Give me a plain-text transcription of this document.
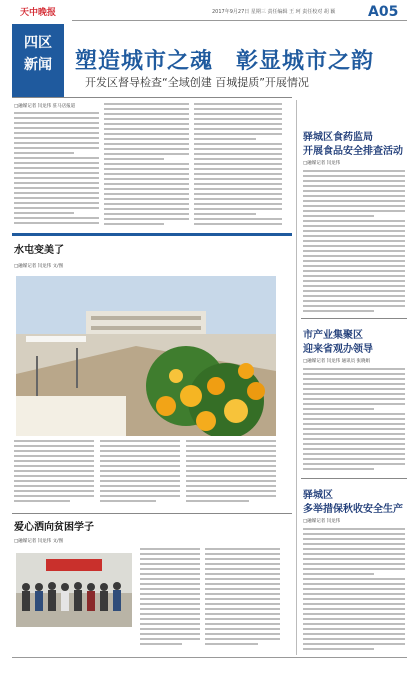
天中晚报
四区
新闻
2017年9月27日 星期三 责任编辑 王 珂 责任校对 胡 颖 A05
塑造城市之魂　彰显城市之韵
开发区督导检查“全域创建 百城提质”开展情况
□融媒记者 闫龙伟 驻马店报道
水屯变美了
□融媒记者 闫龙伟 文/图
爱心洒向贫困学子
□融媒记者 闫龙伟 文/图
驿城区食药监局
开展食品安全排查活动
□融媒记者 闫龙伟
市产业集聚区
迎来省观办领导
□融媒记者 闫龙伟 通讯员 张晓娟
驿城区
多举措保秋收安全生产
□融媒记者 闫龙伟
